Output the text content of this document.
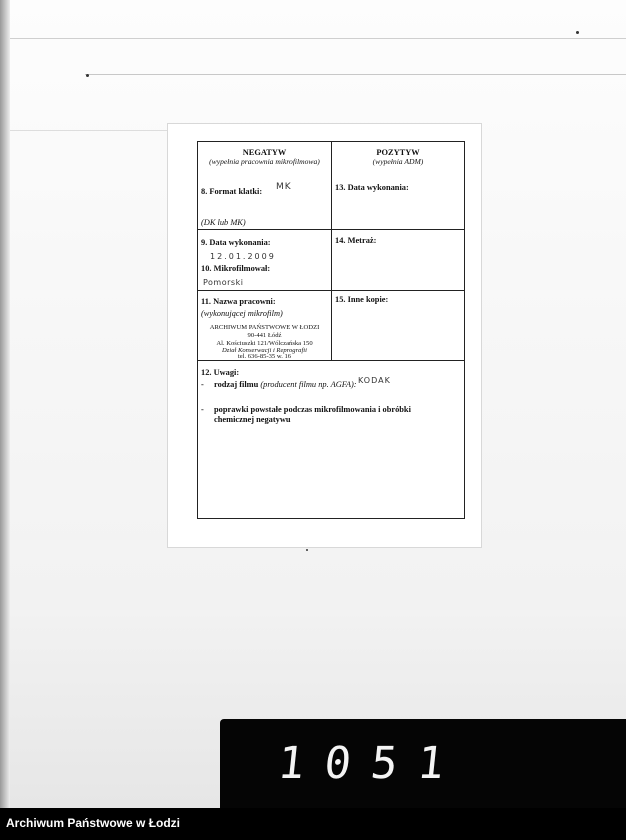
NEGATYW
(wypełnia pracownia mikrofilmowa)
POZYTYW
(wypełnia ADM)
8. Format klatki: MK
(DK lub MK)
13. Data wykonania:
9. Data wykonania:
12.01.2009
10. Mikrofilmował:
Pomorski
14. Metraż:
11. Nazwa pracowni:
(wykonującej mikrofilm)
ARCHIWUM PAŃSTWOWE W ŁODZI
90-441 Łódź
Al. Kościuszki 121/Wólczańska 150
Dział Konserwacji i Reprografii
tel. 636-85-35 w. 16
15. Inne kopie:
12. Uwagi:
- rodzaj filmu (producent filmu np. AGFA): KODAK
- poprawki powstałe podczas mikrofilmowania i obróbki
chemicznej negatywu
1051
Archiwum Państwowe w Łodzi
